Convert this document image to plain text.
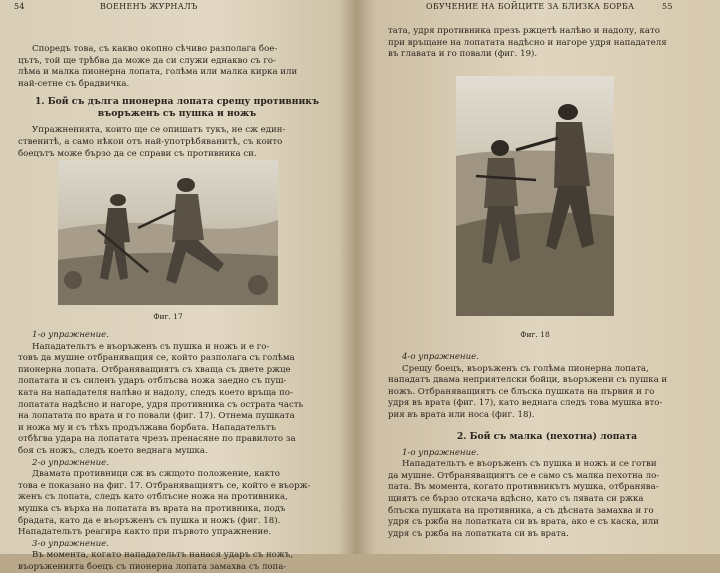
54	ВОЕНЕНЪ ЖУРНАЛЪ

Споредъ това, съ какво окопно сѣчиво разполага бое-

цътъ, той ще трѣбва да може да си служи еднакво съ го-

лѣма и малка пионерна лопата, голѣма или малка кирка или

най-сетне съ брадвичка.

1. Бой съ дълга пионерна лопата срещу противникъ
въоръженъ съ пушка и ножъ

Упражненията, които ще се опишатъ тукъ, не сж един-

ственитѣ, а само нѣкои отъ най-употрѣбяванитѣ, съ които

боецътъ може бързо да се справи съ противника си.

Фиг. 17

1-о упражнение.

Нападательтъ е въоръженъ съ пушка и ножъ и е го-

товъ да мушне отбраняващия се, който разполага съ голѣма

пионерна лопата. Отбраняващиятъ съ хваща съ двете ржце

лопатата и съ силенъ ударъ отблъсва ножа заедно съ пуш-

ката на нападателя налѣво и надолу, следъ което връща по-

лопатата надѣсно и нагоре, удря противника съ острата часть

на лопатата по врата и го повали (фиг. 17). Отнема пушката

и ножа му и съ тѣхъ продължава борбата. Нападательтъ

отбѣгва удара на лопатата чрезъ пренасяне по правилото за

боя съ ножъ, следъ което веднага мушка.

2-о упражнение.

Двамата противници сж въ сжщото положение, както

това е показано на фиг. 17. Отбраняващиятъ се, който е въорж-

женъ съ лопата, следъ като отблъсне ножа на противника,

мушка съ върха на лопатата въ врата на противника, подъ

брадата, като да е въоръженъ съ пушка и ножъ (фиг. 18).

Нападательтъ реагира както при първото упражнение.

3-о упражнение.

Въ момента, когато нападательтъ нанася ударъ съ ножъ,

въоръженията боецъ съ пионерна лопата замахва съ лопа-

ОБУЧЕНИЕ НА БОЙЦИТЕ ЗА БЛИЗКА БОРБА	55

тата, удря противника презъ ржцетѣ налѣво и надолу, като

при връщане на лопатата надѣсно и нагоре удря нападателя

въ главата и го повали (фиг. 19).

Фиг. 18

4-о упражнение.

Срещу боецъ, въоръженъ съ голѣма пионерна лопата,

нападатъ двама неприятелски бойци, въоръжени съ пушка и

ножъ. Отбраняващиятъ се блъска пушката на първия и го

удря въ врата (фиг. 17), като веднага следъ това мушка вто-

рия въ врата или носа (фиг. 18).

2. Бой съ малка (пехотна) лопата

1-о упражнение.

Нападательтъ е въоръженъ съ пушка и ножъ и се готви

да мушне. Отбраняващиятъ се е само съ малка пехотна ло-

пата. Въ момента, когато противникътъ мушка, отбранява-

щиятъ се бързо отскача вдѣсно, като съ лявата си ржка

блъска пушката на противника, а съ дѣсната замахва и го

удря съ ржба на лопатката си въ врата, ако е съ каска, или

удря съ ржба на лопатката си въ врата.
